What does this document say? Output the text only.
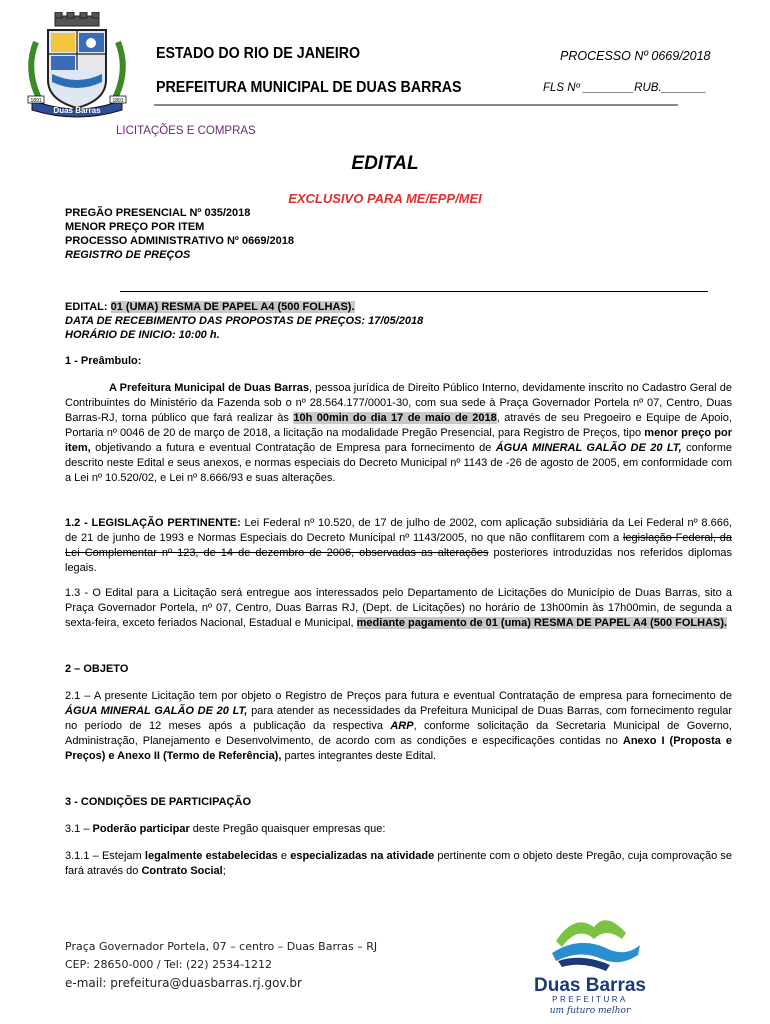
Duas Barras
1891	1891
ESTADO DO RIO DE JANEIRO
PREFEITURA MUNICIPAL DE DUAS BARRAS
PROCESSO Nº 0669/2018
FLS Nº ________RUB._______
LICITAÇÕES E COMPRAS
EDITAL
EXCLUSIVO PARA ME/EPP/MEI
PREGÃO PRESENCIAL Nº 035/2018
MENOR PREÇO POR ITEM
PROCESSO ADMINISTRATIVO Nº 0669/2018
REGISTRO DE PREÇOS
EDITAL: 01 (UMA) RESMA DE PAPEL A4 (500 FOLHAS).
DATA DE RECEBIMENTO DAS PROPOSTAS DE PREÇOS: 17/05/2018
HORÁRIO DE INICIO: 10:00 h.
1 - Preâmbulo:

A Prefeitura Municipal de Duas Barras, pessoa jurídica de Direito Público Interno, devidamente inscrito no Cadastro Geral de Contribuintes do Ministério da Fazenda sob o nº 28.564.177/0001-30, com sua sede à Praça Governador Portela nº 07, Centro, Duas Barras-RJ, torna público que fará realizar às 10h 00min do dia 17 de maio de 2018, através de seu Pregoeiro e Equipe de Apoio, Portaria nº 0046 de 20 de março de 2018, a licitação na modalidade Pregão Presencial, para Registro de Preços, tipo menor preço por item, objetivando a futura e eventual Contratação de Empresa para fornecimento de ÁGUA MINERAL GALÃO DE 20 LT, conforme descrito neste Edital e seus anexos, e normas especiais do Decreto Municipal nº 1143 de -26 de agosto de 2005, em conformidade com a Lei nº 10.520/02, e Lei nº 8.666/93 e suas alterações.

1.2 - LEGISLAÇÃO PERTINENTE: Lei Federal nº 10.520, de 17 de julho de 2002, com aplicação subsidiária da Lei Federal nº 8.666, de 21 de junho de 1993 e Normas Especiais do Decreto Municipal nº 1143/2005, no que não conflitarem com a legislação Federal, da Lei Complementar nº 123, de 14 de dezembro de 2006, observadas as alterações posteriores introduzidas nos referidos diplomas legais.

1.3 - O Edital para a Licitação será entregue aos interessados pelo Departamento de Licitações do Município de Duas Barras, sito a Praça Governador Portela, nº 07, Centro, Duas Barras RJ, (Dept. de Licitações) no horário de 13h00min às 17h00min, de segunda a sexta-feira, exceto feriados Nacional, Estadual e Municipal, mediante pagamento de 01 (uma) RESMA DE PAPEL A4 (500 FOLHAS).

2 – OBJETO

2.1 – A presente Licitação tem por objeto o Registro de Preços para futura e eventual Contratação de empresa para fornecimento de ÁGUA MINERAL GALÃO DE 20 LT, para atender as necessidades da Prefeitura Municipal de Duas Barras, com fornecimento regular no período de 12 meses após a publicação da respectiva ARP, conforme solicitação da Secretaria Municipal de Governo, Administração, Planejamento e Desenvolvimento, de acordo com as condições e especificações contidas no Anexo I (Proposta e Preços) e Anexo II (Termo de Referência), partes integrantes deste Edital.

3 - CONDIÇÕES DE PARTICIPAÇÃO

3.1 – Poderão participar deste Pregão quaisquer empresas que:

3.1.1 – Estejam legalmente estabelecidas e especializadas na atividade pertinente com o objeto deste Pregão, cuja comprovação se fará através do Contrato Social;

Praça Governador Portela, 07 – centro – Duas Barras – RJ
CEP: 28650-000 / Tel: (22) 2534-1212
e-mail: prefeitura@duasbarras.rj.gov.br	Duas Barras
PREFEITURA
um futuro melhor
